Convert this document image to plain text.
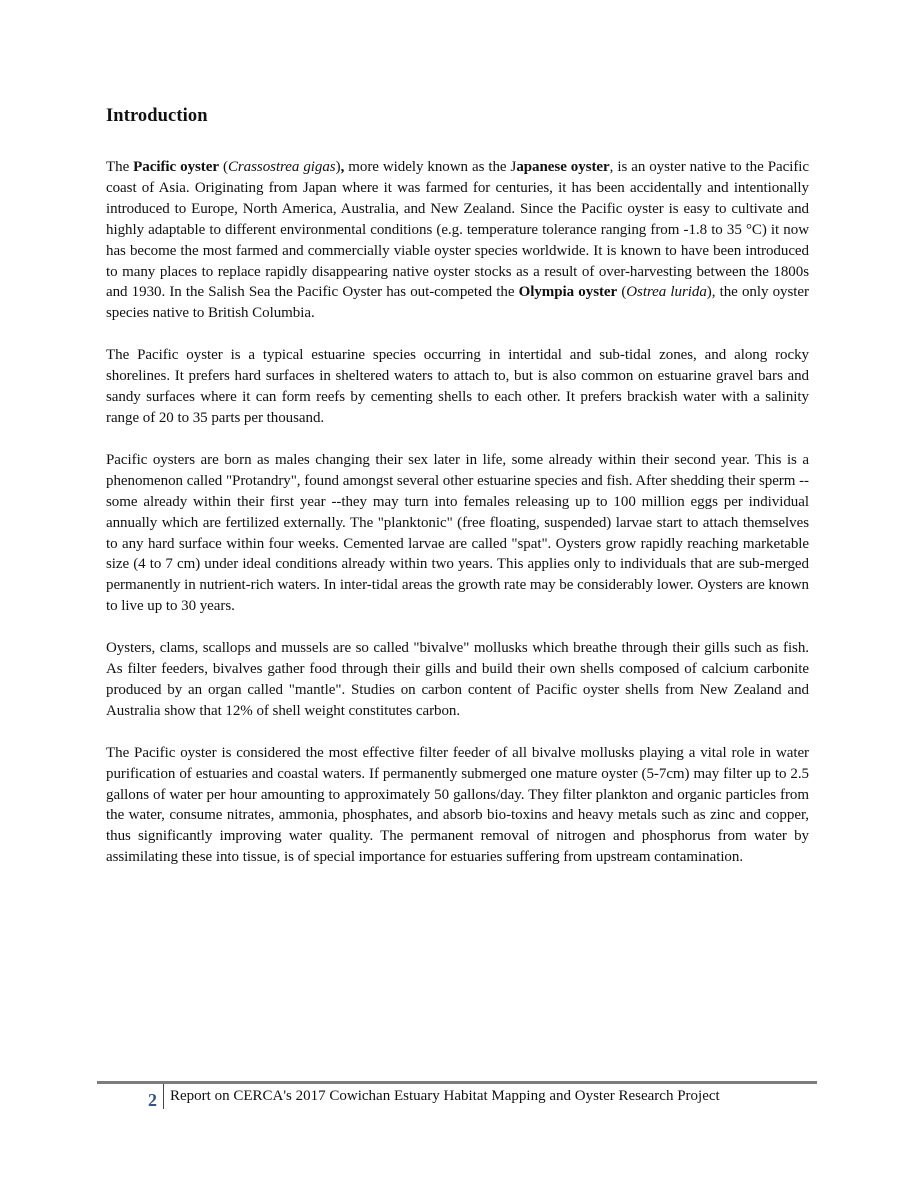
Introduction

The Pacific oyster (Crassostrea gigas), more widely known as the Japanese oyster, is an oyster native to the Pacific coast of Asia. Originating from Japan where it was farmed for centuries, it has been accidentally and intentionally introduced to Europe, North America, Australia, and New Zealand. Since the Pacific oyster is easy to cultivate and highly adaptable to different environmental conditions (e.g. temperature tolerance ranging from -1.8 to 35 °C) it now has become the most farmed and commercially viable oyster species worldwide. It is known to have been introduced to many places to replace rapidly disappearing native oyster stocks as a result of over-harvesting between the 1800s and 1930. In the Salish Sea the Pacific Oyster has out-competed the Olympia oyster (Ostrea lurida), the only oyster species native to British Columbia.

The Pacific oyster is a typical estuarine species occurring in intertidal and sub-tidal zones, and along rocky shorelines. It prefers hard surfaces in sheltered waters to attach to, but is also common on estuarine gravel bars and sandy surfaces where it can form reefs by cementing shells to each other. It prefers brackish water with a salinity range of 20 to 35 parts per thousand.

Pacific oysters are born as males changing their sex later in life, some already within their second year. This is a phenomenon called "Protandry", found amongst several other estuarine species and fish. After shedding their sperm --some already within their first year --they may turn into females releasing up to 100 million eggs per individual annually which are fertilized externally. The "planktonic" (free floating, suspended) larvae start to attach themselves to any hard surface within four weeks. Cemented larvae are called "spat". Oysters grow rapidly reaching marketable size (4 to 7 cm) under ideal conditions already within two years. This applies only to individuals that are sub-merged permanently in nutrient-rich waters. In inter-tidal areas the growth rate may be considerably lower. Oysters are known to live up to 30 years.

Oysters, clams, scallops and mussels are so called "bivalve" mollusks which breathe through their gills such as fish. As filter feeders, bivalves gather food through their gills and build their own shells composed of calcium carbonite produced by an organ called "mantle". Studies on carbon content of Pacific oyster shells from New Zealand and Australia show that 12% of shell weight constitutes carbon.

The Pacific oyster is considered the most effective filter feeder of all bivalve mollusks playing a vital role in water purification of estuaries and coastal waters. If permanently submerged one mature oyster (5-7cm) may filter up to 2.5 gallons of water per hour amounting to approximately 50 gallons/day. They filter plankton and organic particles from the water, consume nitrates, ammonia, phosphates, and absorb bio-toxins and heavy metals such as zinc and copper, thus significantly improving water quality. The permanent removal of nitrogen and phosphorus from water by assimilating these into tissue, is of special importance for estuaries suffering from upstream contamination.

2 Report on CERCA's 2017 Cowichan Estuary Habitat Mapping and Oyster Research Project
